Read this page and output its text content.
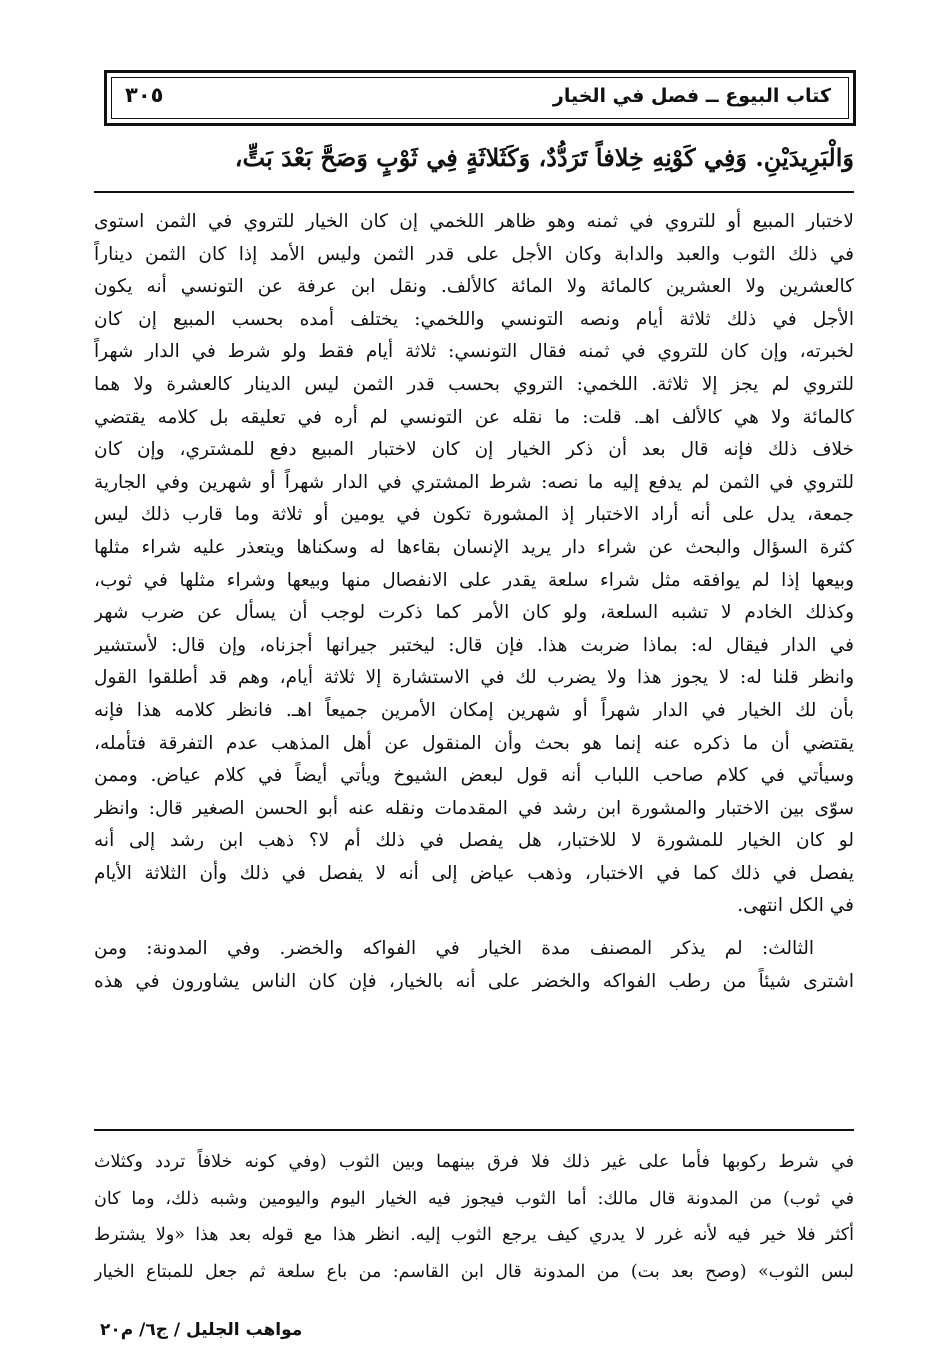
كتاب البيوع ــ فصل في الخيار
٣٠٥
وَالْبَرِيدَيْنِ. وَفِي كَوْنِهِ خِلافاً تَرَدُّدٌ، وَكَثَلاثَةٍ فِي ثَوْبٍ وَصَحَّ بَعْدَ بَتٍّ،
لاختبار المبيع أو للتروي في ثمنه وهو ظاهر اللخمي إن كان الخيار للتروي في الثمن استوى
في ذلك الثوب والعبد والدابة وكان الأجل على قدر الثمن وليس الأمد إذا كان الثمن ديناراً
كالعشرين ولا العشرين كالمائة ولا المائة كالألف. ونقل ابن عرفة عن التونسي أنه يكون
الأجل في ذلك ثلاثة أيام ونصه التونسي واللخمي: يختلف أمده بحسب المبيع إن كان
لخبرته، وإن كان للتروي في ثمنه فقال التونسي: ثلاثة أيام فقط ولو شرط في الدار شهراً
للتروي لم يجز إلا ثلاثة. اللخمي: التروي بحسب قدر الثمن ليس الدينار كالعشرة ولا هما
كالمائة ولا هي كالألف اهـ. قلت: ما نقله عن التونسي لم أره في تعليقه بل كلامه يقتضي
خلاف ذلك فإنه قال بعد أن ذكر الخيار إن كان لاختبار المبيع دفع للمشتري، وإن كان
للتروي في الثمن لم يدفع إليه ما نصه: شرط المشتري في الدار شهراً أو شهرين وفي الجارية
جمعة، يدل على أنه أراد الاختبار إذ المشورة تكون في يومين أو ثلاثة وما قارب ذلك ليس
كثرة السؤال والبحث عن شراء دار يريد الإنسان بقاءها له وسكناها ويتعذر عليه شراء مثلها
وبيعها إذا لم يوافقه مثل شراء سلعة يقدر على الانفصال منها وبيعها وشراء مثلها في ثوب،
وكذلك الخادم لا تشبه السلعة، ولو كان الأمر كما ذكرت لوجب أن يسأل عن ضرب شهر
في الدار فيقال له: بماذا ضربت هذا. فإن قال: ليختبر جيرانها أجزناه، وإن قال: لأستشير
وانظر قلنا له: لا يجوز هذا ولا يضرب لك في الاستشارة إلا ثلاثة أيام، وهم قد أطلقوا القول
بأن لك الخيار في الدار شهراً أو شهرين إمكان الأمرين جميعاً اهـ. فانظر كلامه هذا فإنه
يقتضي أن ما ذكره عنه إنما هو بحث وأن المنقول عن أهل المذهب عدم التفرقة فتأمله،
وسيأتي في كلام صاحب اللباب أنه قول لبعض الشيوخ ويأتي أيضاً في كلام عياض. وممن
سوّى بين الاختبار والمشورة ابن رشد في المقدمات ونقله عنه أبو الحسن الصغير قال: وانظر
لو كان الخيار للمشورة لا للاختبار، هل يفصل في ذلك أم لا؟ ذهب ابن رشد إلى أنه
يفصل في ذلك كما في الاختبار، وذهب عياض إلى أنه لا يفصل في ذلك وأن الثلاثة الأيام
في الكل انتهى.
الثالث: لم يذكر المصنف مدة الخيار في الفواكه والخضر. وفي المدونة: ومن
اشترى شيئاً من رطب الفواكه والخضر على أنه بالخيار، فإن كان الناس يشاورون في هذه
في شرط ركوبها فأما على غير ذلك فلا فرق بينهما وبين الثوب (وفي كونه خلافاً تردد وكثلاث
في ثوب) من المدونة قال مالك: أما الثوب فيجوز فيه الخيار اليوم واليومين وشبه ذلك، وما كان
أكثر فلا خير فيه لأنه غرر لا يدري كيف يرجع الثوب إليه. انظر هذا مع قوله بعد هذا «ولا يشترط
لبس الثوب» (وصح بعد بت) من المدونة قال ابن القاسم: من باع سلعة ثم جعل للمبتاع الخيار
مواهب الجليل / ج٦/ م٢٠
